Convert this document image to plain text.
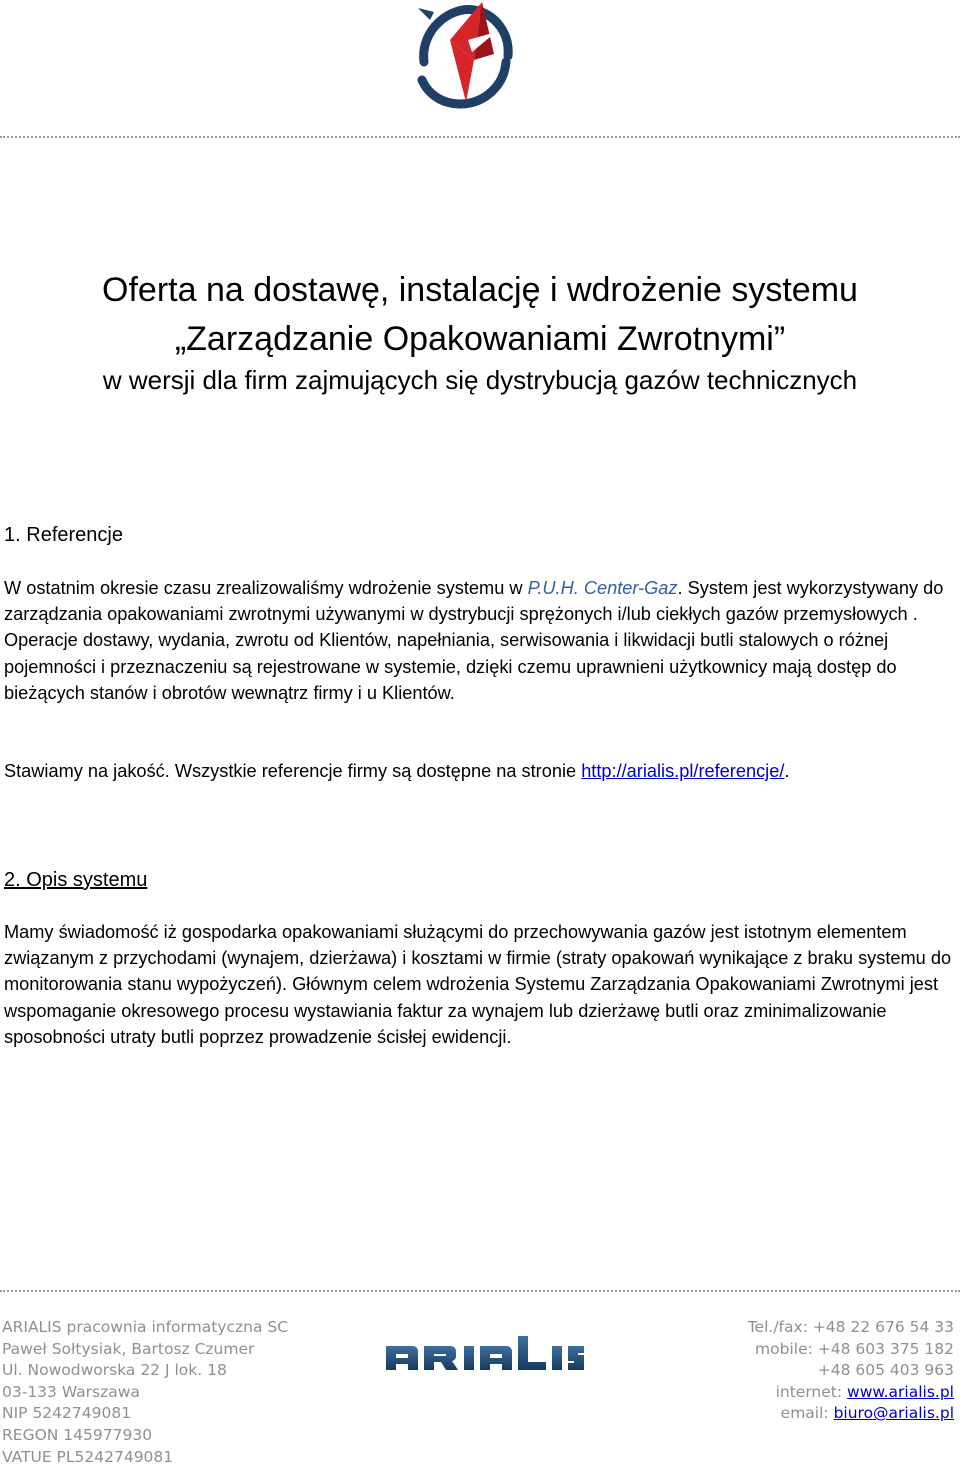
Oferta na dostawę, instalację i wdrożenie systemu
„Zarządzanie Opakowaniami Zwrotnymi”
w wersji dla firm zajmujących się dystrybucją gazów technicznych
1. Referencje

W ostatnim okresie czasu zrealizowaliśmy wdrożenie systemu w P.U.H. Center-Gaz. System jest wykorzystywany do zarządzania opakowaniami zwrotnymi używanymi w dystrybucji sprężonych i/lub ciekłych gazów przemysłowych . Operacje dostawy, wydania, zwrotu od Klientów, napełniania, serwisowania i likwidacji butli stalowych o różnej pojemności i przeznaczeniu są rejestrowane w systemie, dzięki czemu uprawnieni użytkownicy mają dostęp do bieżących stanów i obrotów wewnątrz firmy i u Klientów.

Stawiamy na jakość. Wszystkie referencje firmy są dostępne na stronie http://arialis.pl/referencje/.

2. Opis systemu

Mamy świadomość iż gospodarka opakowaniami służącymi do przechowywania gazów jest istotnym elementem związanym z przychodami (wynajem, dzierżawa) i kosztami w firmie (straty opakowań wynikające z braku systemu do monitorowania stanu wypożyczeń). Głównym celem wdrożenia Systemu Zarządzania Opakowaniami Zwrotnymi jest wspomaganie okresowego procesu wystawiania faktur za wynajem lub dzierżawę butli oraz zminimalizowanie sposobności utraty butli poprzez prowadzenie ścisłej ewidencji.

ARIALIS pracownia informatyczna SC
Paweł Sołtysiak, Bartosz Czumer
Ul. Nowodworska 22 J lok. 18
03-133 Warszawa
NIP 5242749081
REGON 145977930
VATUE PL5242749081
Tel./fax: +48 22 676 54 33
mobile: +48 603 375 182
+48 605 403 963
internet: www.arialis.pl
email: biuro@arialis.pl
